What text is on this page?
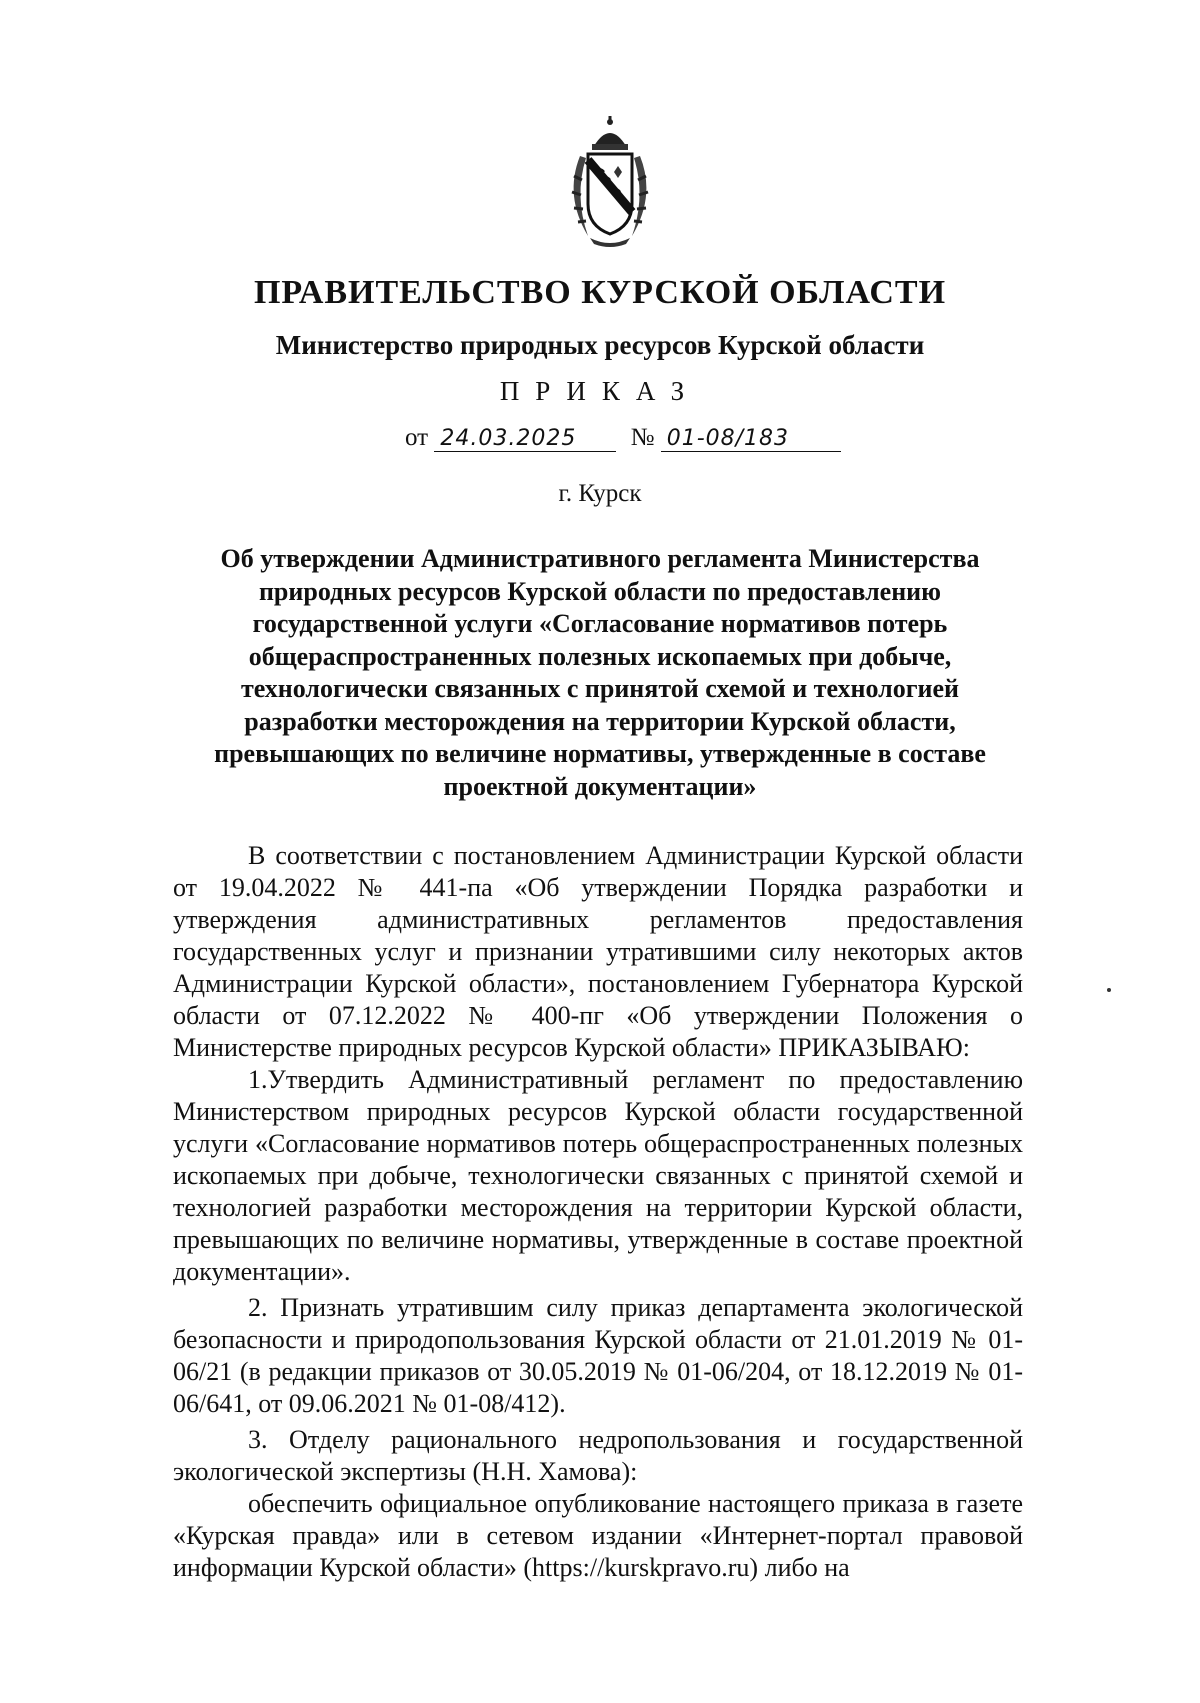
ПРАВИТЕЛЬСТВО КУРСКОЙ ОБЛАСТИ
Министерство природных ресурсов Курской области
ПРИКАЗ
от 24.03.2025 № 01-08/183
г. Курск
Об утверждении Административного регламента Министерства природных ресурсов Курской области по предоставлению государственной услуги «Согласование нормативов потерь общераспространенных полезных ископаемых при добыче, технологически связанных с принятой схемой и технологией разработки месторождения на территории Курской области, превышающих по величине нормативы, утвержденные в составе проектной документации»

В соответствии с постановлением Администрации Курской области от 19.04.2022 № 441-па «Об утверждении Порядка разработки и утверждения административных регламентов предоставления государственных услуг и признании утратившими силу некоторых актов Администрации Курской области», постановлением Губернатора Курской области от 07.12.2022 № 400-пг «Об утверждении Положения о Министерстве природных ресурсов Курской области» ПРИКАЗЫВАЮ:

1.Утвердить Административный регламент по предоставлению Министерством природных ресурсов Курской области государственной услуги «Согласование нормативов потерь общераспространенных полезных ископаемых при добыче, технологически связанных с принятой схемой и технологией разработки месторождения на территории Курской области, превышающих по величине нормативы, утвержденные в составе проектной документации».

2. Признать утратившим силу приказ департамента экологической безопасности и природопользования Курской области от 21.01.2019 № 01-06/21 (в редакции приказов от 30.05.2019 № 01-06/204, от 18.12.2019 № 01-06/641, от 09.06.2021 № 01-08/412).

3. Отделу рационального недропользования и государственной экологической экспертизы (Н.Н. Хамова):

обеспечить официальное опубликование настоящего приказа в газете «Курская правда» или в сетевом издании «Интернет-портал правовой информации Курской области» (https://kurskpravo.ru) либо на
